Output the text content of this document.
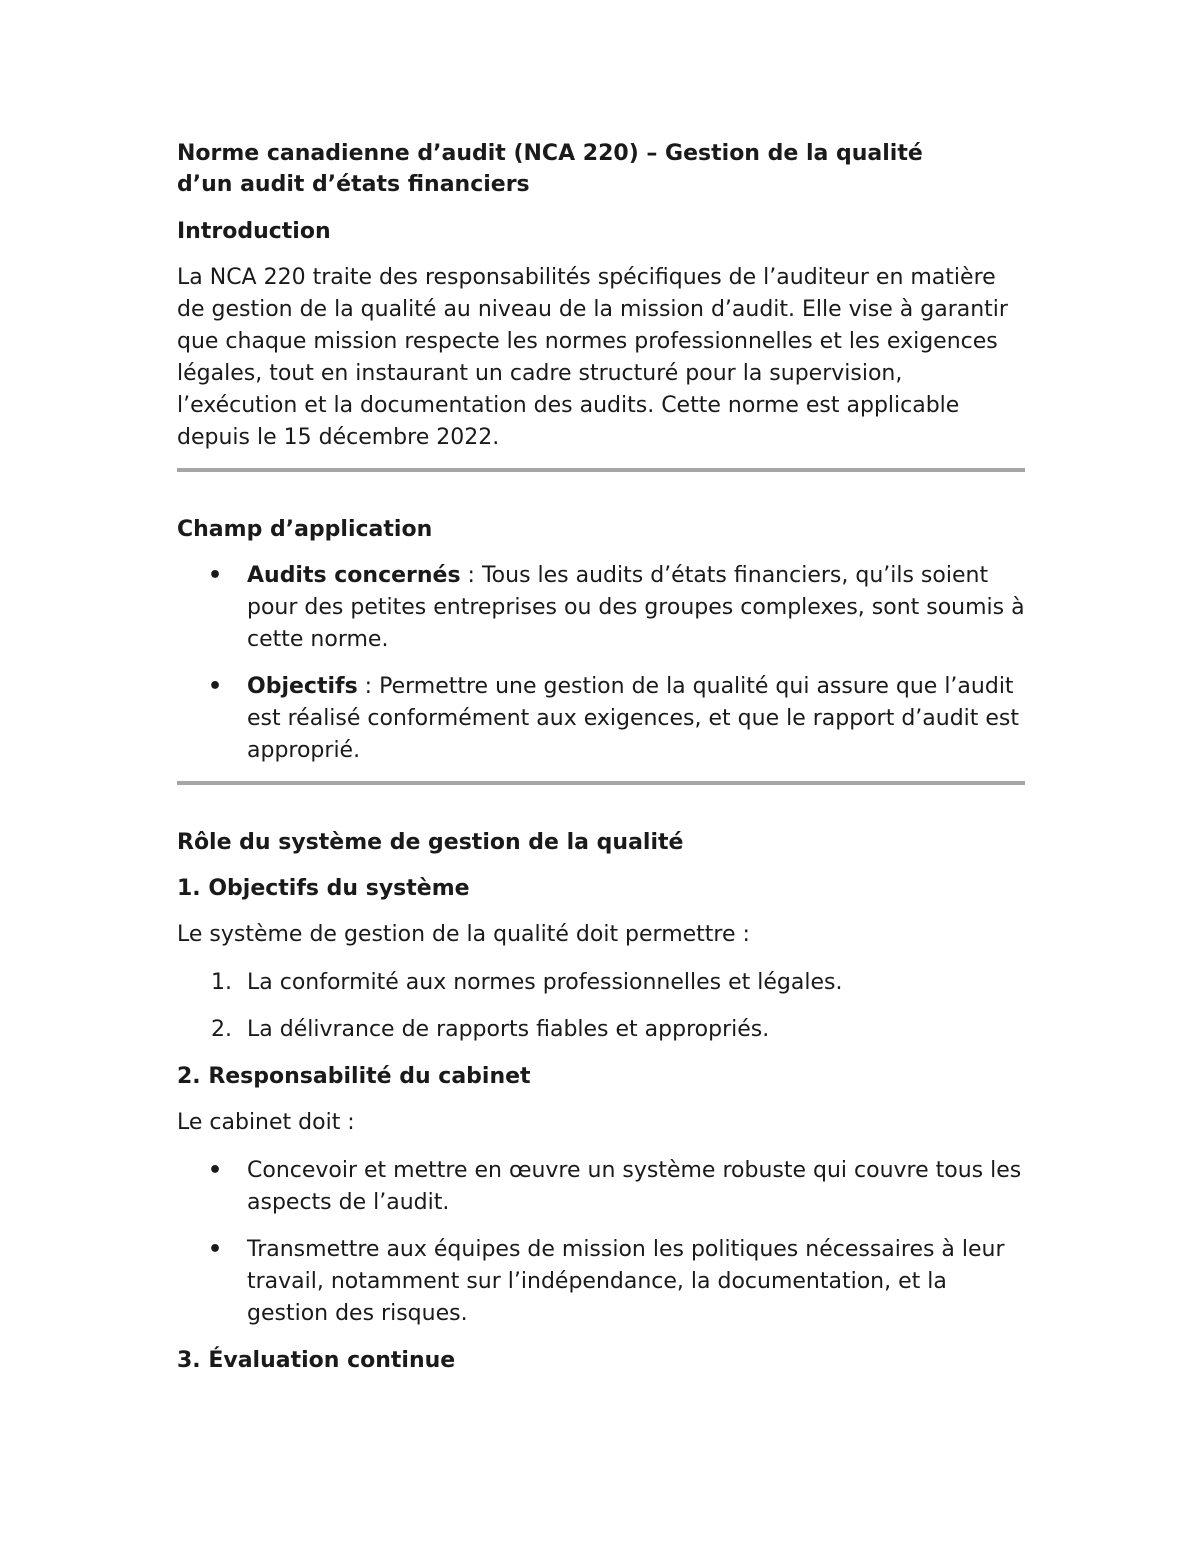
Norme canadienne d’audit (NCA 220) – Gestion de la qualité
d’un audit d’états financiers
Introduction

La NCA 220 traite des responsabilités spécifiques de l’auditeur en matière de gestion de la qualité au niveau de la mission d’audit. Elle vise à garantir que chaque mission respecte les normes professionnelles et les exigences légales, tout en instaurant un cadre structuré pour la supervision, l’exécution et la documentation des audits. Cette norme est applicable depuis le 15 décembre 2022.

Champ d’application
• Audits concernés : Tous les audits d’états financiers, qu’ils soient pour des petites entreprises ou des groupes complexes, sont soumis à cette norme.
• Objectifs : Permettre une gestion de la qualité qui assure que l’audit est réalisé conformément aux exigences, et que le rapport d’audit est approprié.
Rôle du système de gestion de la qualité
1. Objectifs du système

Le système de gestion de la qualité doit permettre :

1. La conformité aux normes professionnelles et légales.
2. La délivrance de rapports fiables et appropriés.
2. Responsabilité du cabinet

Le cabinet doit :

• Concevoir et mettre en œuvre un système robuste qui couvre tous les aspects de l’audit.
• Transmettre aux équipes de mission les politiques nécessaires à leur travail, notamment sur l’indépendance, la documentation, et la gestion des risques.
3. Évaluation continue
